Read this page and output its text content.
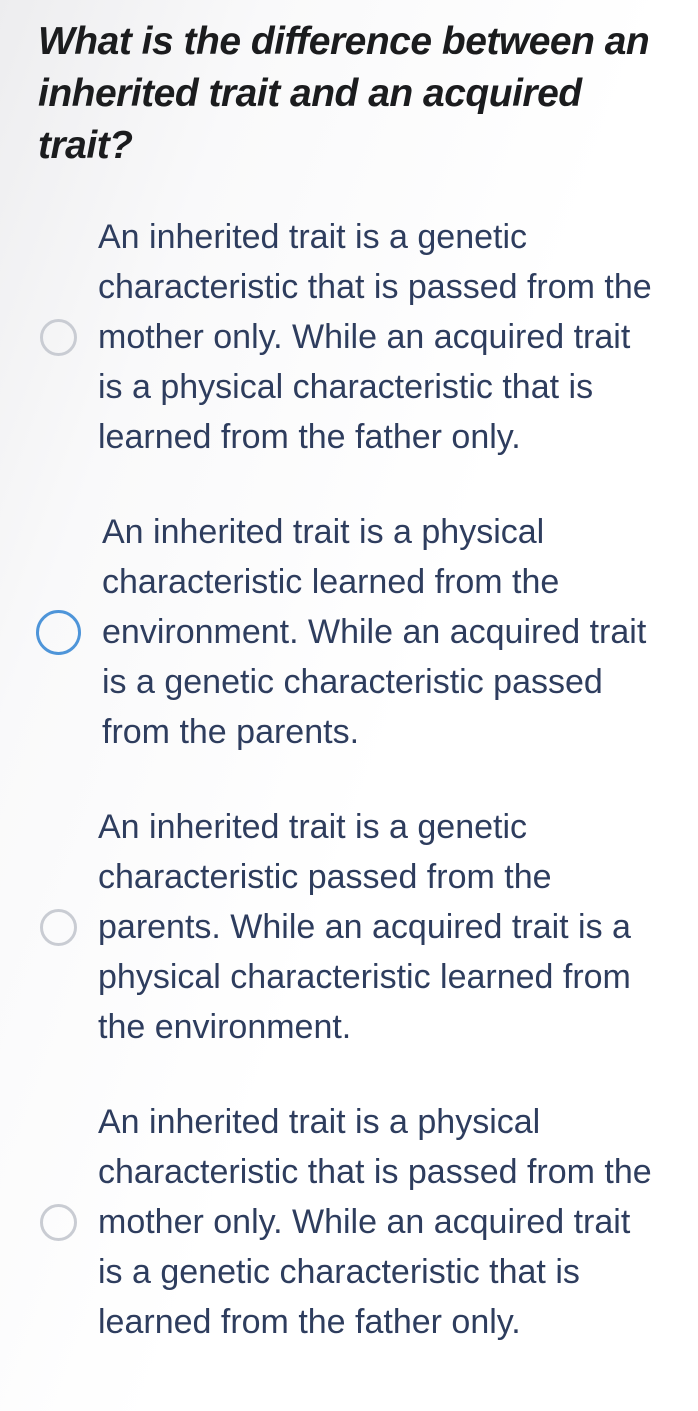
What is the difference between an inherited trait and an acquired trait?
An inherited trait is a genetic characteristic that is passed from the mother only. While an acquired trait is a physical characteristic that is learned from the father only.
An inherited trait is a physical characteristic learned from the environment. While an acquired trait is a genetic characteristic passed from the parents.
An inherited trait is a genetic characteristic passed from the parents. While an acquired trait is a physical characteristic learned from the environment.
An inherited trait is a physical characteristic that is passed from the mother only. While an acquired trait is a genetic characteristic that is learned from the father only.
